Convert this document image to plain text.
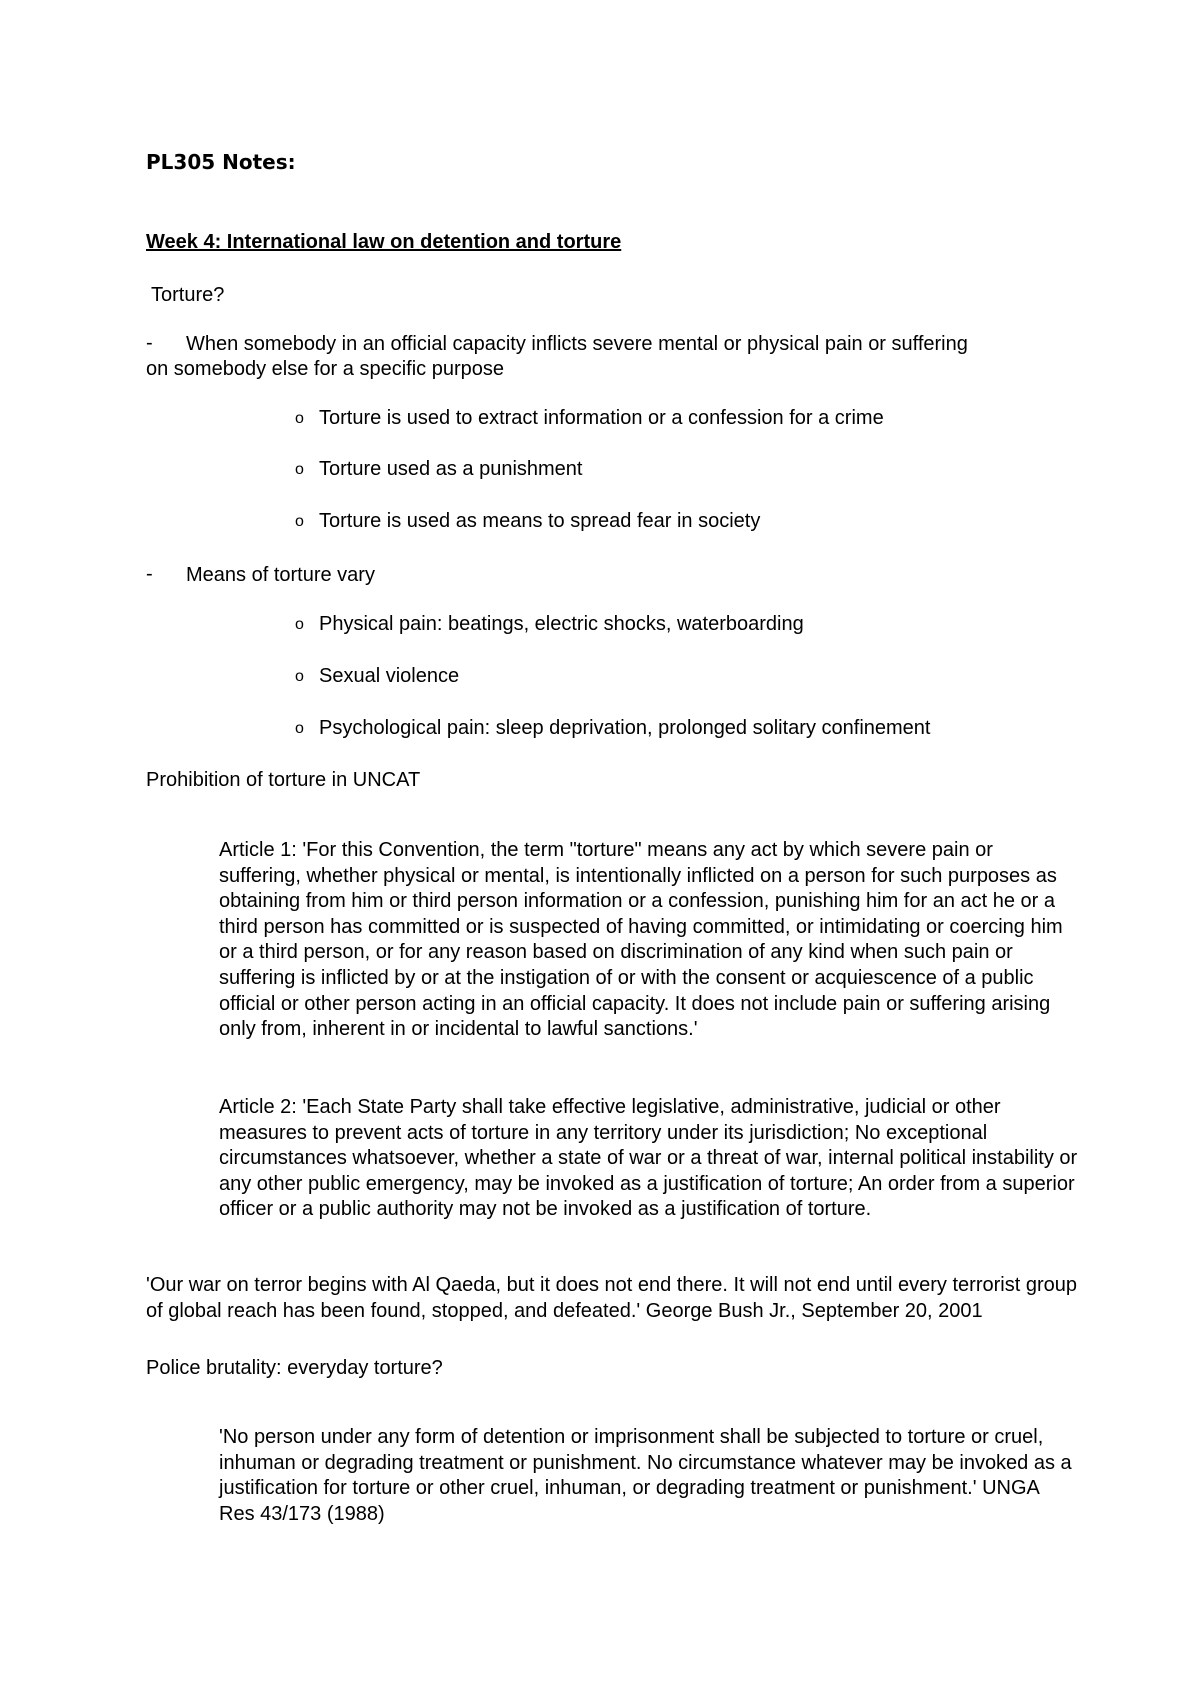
PL305 Notes:

Week 4: International law on detention and torture

Torture?

- When somebody in an official capacity inflicts severe mental or physical pain or suffering

on somebody else for a specific purpose

o Torture is used to extract information or a confession for a crime
o Torture used as a punishment
o Torture is used as means to spread fear in society
- Means of torture vary

o Physical pain: beatings, electric shocks, waterboarding
o Sexual violence
o Psychological pain: sleep deprivation, prolonged solitary confinement

Prohibition of torture in UNCAT

Article 1: 'For this Convention, the term "torture" means any act by which severe pain or suffering, whether physical or mental, is intentionally inflicted on a person for such purposes as obtaining from him or third person information or a confession, punishing him for an act he or a third person has committed or is suspected of having committed, or intimidating or coercing him or a third person, or for any reason based on discrimination of any kind when such pain or suffering is inflicted by or at the instigation of or with the consent or acquiescence of a public official or other person acting in an official capacity. It does not include pain or suffering arising only from, inherent in or incidental to lawful sanctions.'

Article 2: 'Each State Party shall take effective legislative, administrative, judicial or other measures to prevent acts of torture in any territory under its jurisdiction; No exceptional circumstances whatsoever, whether a state of war or a threat of war, internal political instability or any other public emergency, may be invoked as a justification of torture; An order from a superior officer or a public authority may not be invoked as a justification of torture.

'Our war on terror begins with Al Qaeda, but it does not end there. It will not end until every terrorist group of global reach has been found, stopped, and defeated.' George Bush Jr., September 20, 2001

Police brutality: everyday torture?

'No person under any form of detention or imprisonment shall be subjected to torture or cruel, inhuman or degrading treatment or punishment. No circumstance whatever may be invoked as a justification for torture or other cruel, inhuman, or degrading treatment or punishment.' UNGA Res 43/173 (1988)
